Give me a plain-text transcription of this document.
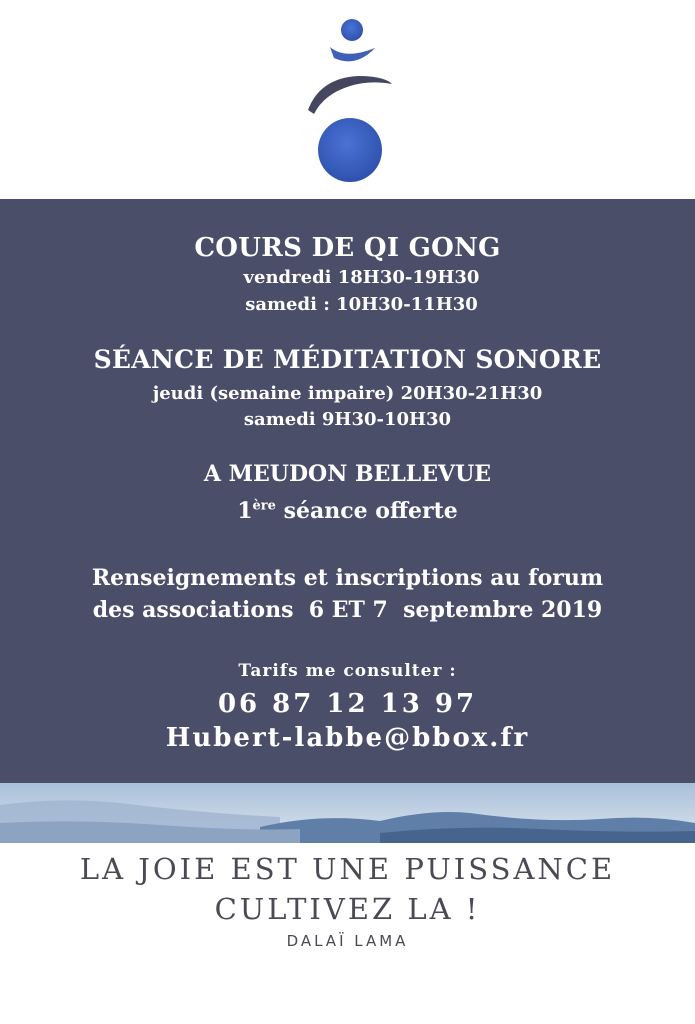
COURS DE QI GONG
vendredi 18H30-19H30
samedi : 10H30-11H30
SÉANCE DE MÉDITATION SONORE
jeudi (semaine impaire) 20H30-21H30
samedi 9H30-10H30
A MEUDON BELLEVUE
1ère séance offerte
Renseignements et inscriptions au forum
des associations  6 ET 7  septembre 2019
Tarifs me consulter :
06 87 12 13 97
Hubert-labbe@bbox.fr
LA JOIE EST UNE PUISSANCE
CULTIVEZ LA !
DALAÏ LAMA
